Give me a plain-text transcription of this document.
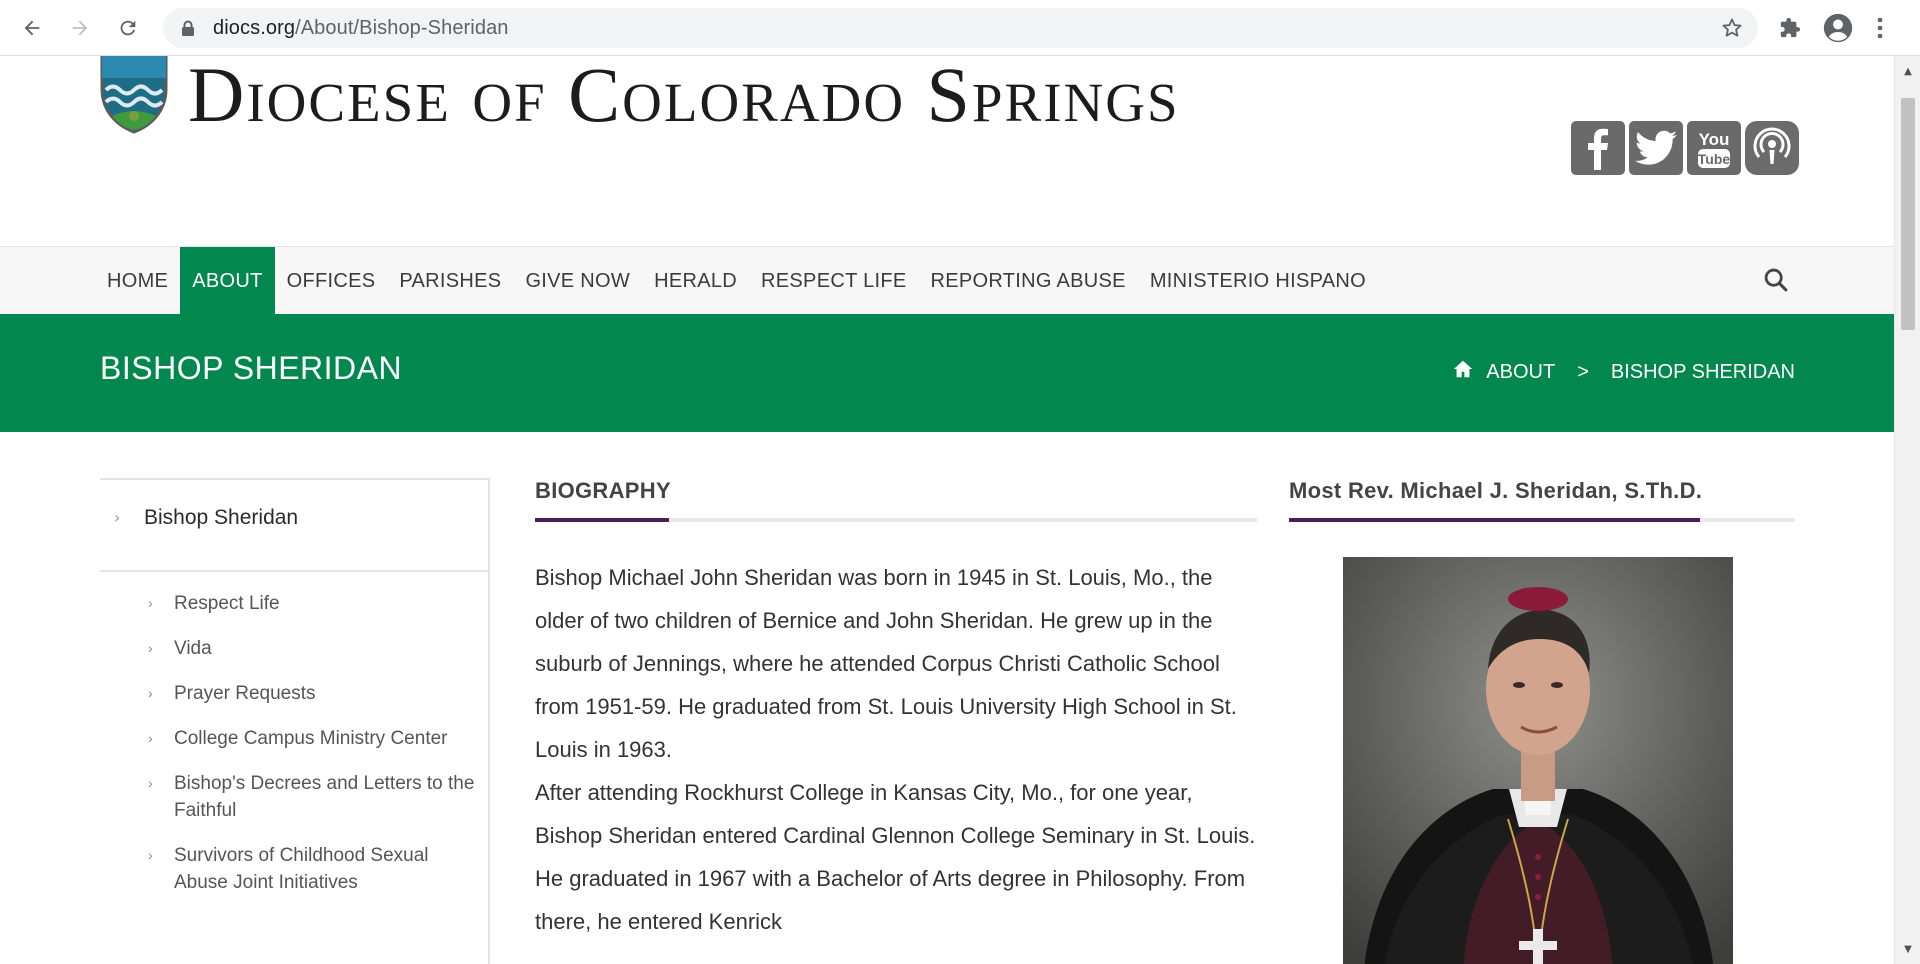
diocs.org/About/Bishop-Sheridan
Diocese of Colorado Springs
You
Tube
HOME	ABOUT	OFFICES	PARISHES	GIVE NOW	HERALD	RESPECT LIFE	REPORTING ABUSE	MINISTERIO HISPANO
BISHOP SHERIDAN	ABOUT > BISHOP SHERIDAN
› Bishop Sheridan
› Respect Life
› Vida
› Prayer Requests
› College Campus Ministry Center
› Bishop's Decrees and Letters to the Faithful
› Survivors of Childhood Sexual Abuse Joint Initiatives
BIOGRAPHY

Bishop Michael John Sheridan was born in 1945 in St. Louis, Mo., the older of two children of Bernice and John Sheridan. He grew up in the suburb of Jennings, where he attended Corpus Christi Catholic School from 1951-59. He graduated from St. Louis University High School in St. Louis in 1963.

After attending Rockhurst College in Kansas City, Mo., for one year, Bishop Sheridan entered Cardinal Glennon College Seminary in St. Louis. He graduated in 1967 with a Bachelor of Arts degree in Philosophy. From there, he entered Kenrick

Most Rev. Michael J. Sheridan, S.Th.D.
▲
▼
